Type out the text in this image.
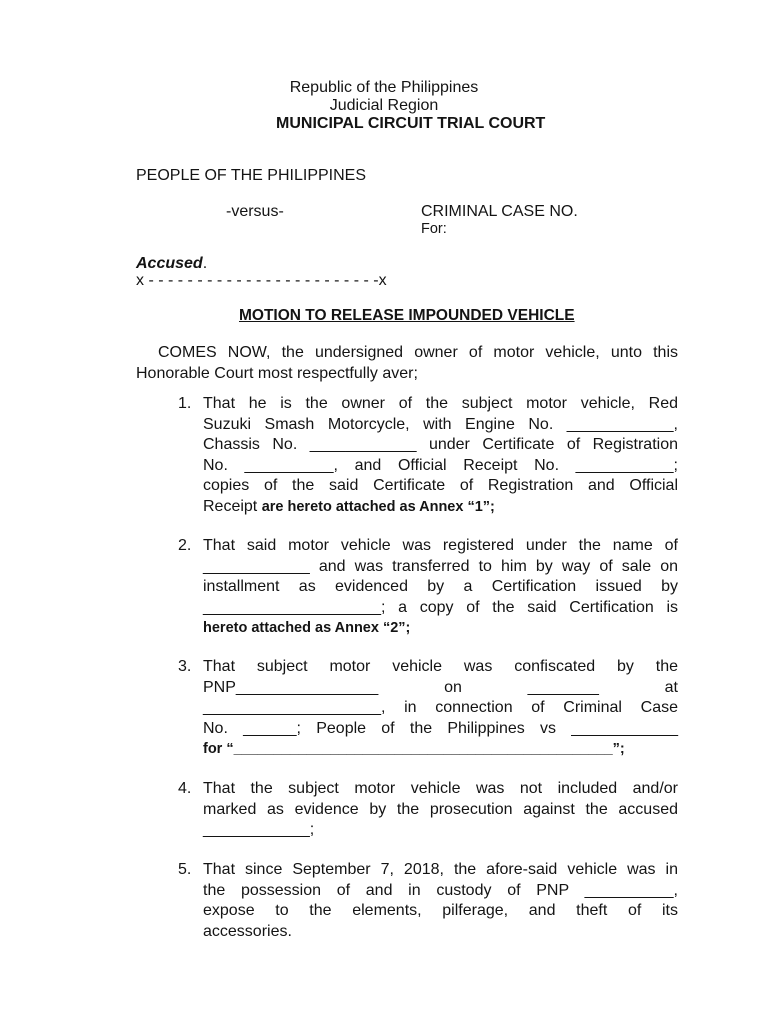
Republic of the Philippines
Judicial Region
MUNICIPAL CIRCUIT TRIAL COURT
PEOPLE OF THE PHILIPPINES
-versus-	CRIMINAL CASE NO.
For:
Accused.
x - - - - - - - - - - - - - - - - - - - - - - - -x
MOTION TO RELEASE IMPOUNDED VEHICLE
COMES NOW, the undersigned owner of motor vehicle, unto this
Honorable Court most respectfully aver;
1. That he is the owner of the subject motor vehicle, Red
Suzuki Smash Motorcycle, with Engine No. ____________,
Chassis No. ____________ under Certificate of Registration
No. __________, and Official Receipt No. ___________;
copies of the said Certificate of Registration and Official
Receipt are hereto attached as Annex “1”;
2. That said motor vehicle was registered under the name of
____________ and was transferred to him by way of sale on
installment as evidenced by a Certification issued by
____________________; a copy of the said Certification is
hereto attached as Annex “2”;
3. That subject motor vehicle was confiscated by the
PNP________________ on ________ at
____________________, in connection of Criminal Case
No. ______; People of the Philippines vs ____________
for “_______________________________________________”;
4. That the subject motor vehicle was not included and/or
marked as evidence by the prosecution against the accused
____________;
5. That since September 7, 2018, the afore-said vehicle was in
the possession of and in custody of PNP __________,
expose to the elements, pilferage, and theft of its
accessories.
